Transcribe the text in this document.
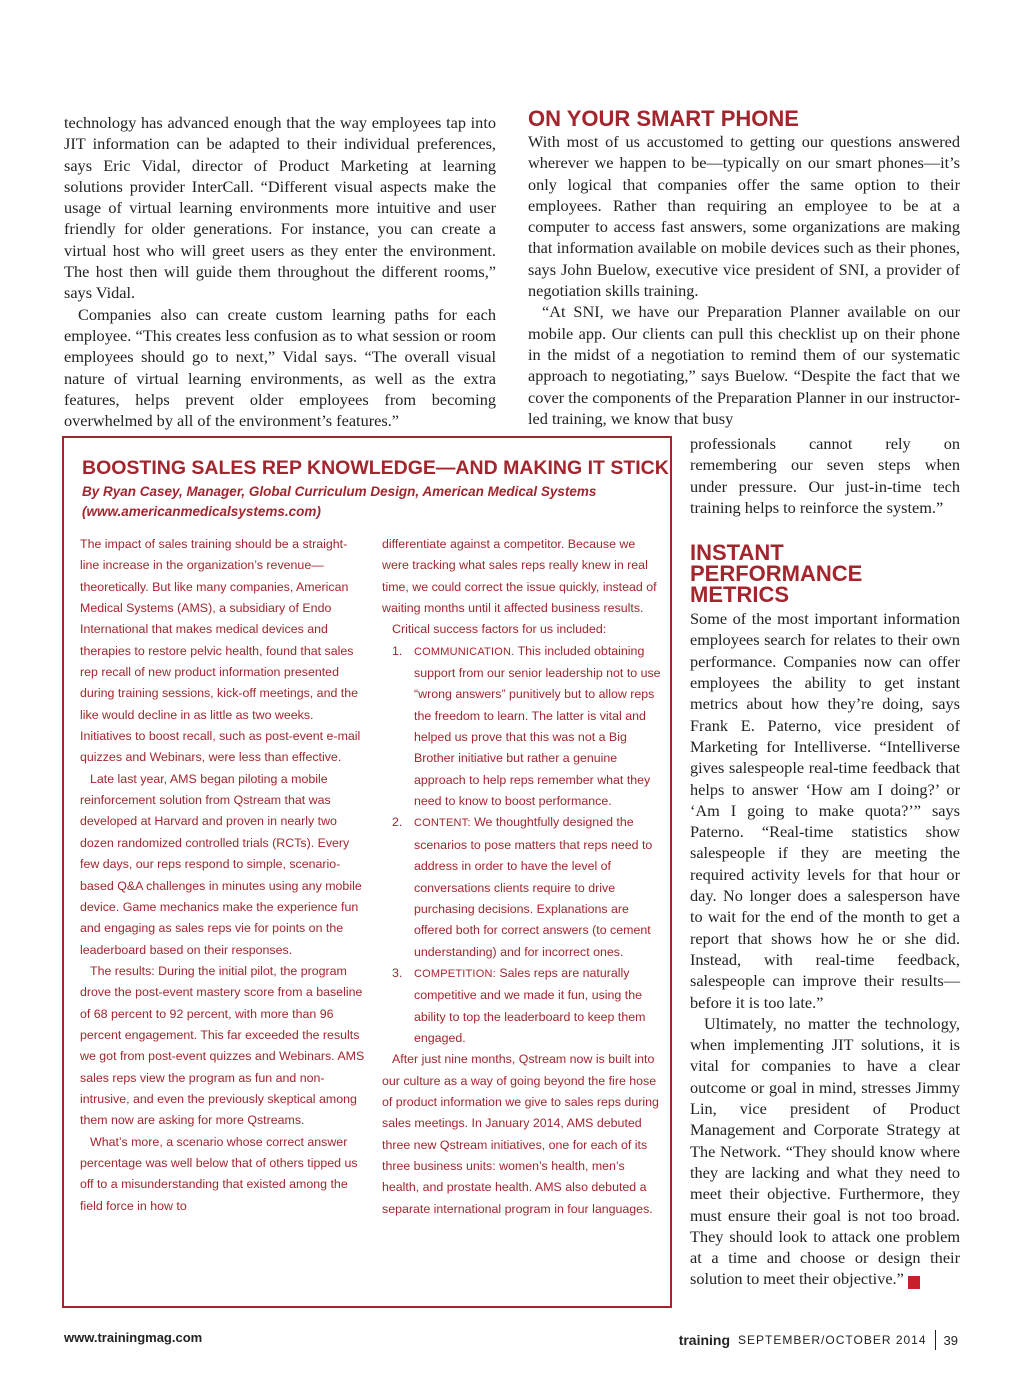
technology has advanced enough that the way employees tap into JIT information can be adapted to their individual preferences, says Eric Vidal, director of Product Marketing at learning solutions provider InterCall. “Different visual aspects make the usage of virtual learning environments more intuitive and user friendly for older generations. For instance, you can create a virtual host who will greet users as they enter the environment. The host then will guide them throughout the different rooms,” says Vidal.

Companies also can create custom learning paths for each employee. “This creates less confusion as to what session or room employees should go to next,” Vidal says. “The overall visual nature of virtual learning environments, as well as the extra features, helps prevent older employees from becoming overwhelmed by all of the environment’s features.”

ON YOUR SMART PHONE

With most of us accustomed to getting our questions answered wherever we happen to be—typically on our smart phones—it’s only logical that companies offer the same option to their employees. Rather than requiring an employee to be at a computer to access fast answers, some organizations are making that information available on mobile devices such as their phones, says John Buelow, executive vice president of SNI, a provider of negotiation skills training.

“At SNI, we have our Preparation Planner available on our mobile app. Our clients can pull this checklist up on their phone in the midst of a negotiation to remind them of our systematic approach to negotiating,” says Buelow. “Despite the fact that we cover the components of the Preparation Planner in our instructor-led training, we know that busy

professionals cannot rely on remembering our seven steps when under pressure. Our just-in-time tech training helps to reinforce the system.”

INSTANT PERFORMANCE METRICS

Some of the most important information employees search for relates to their own performance. Companies now can offer employees the ability to get instant metrics about how they’re doing, says Frank E. Paterno, vice president of Marketing for Intelliverse. “Intelliverse gives salespeople real-time feedback that helps to answer ‘How am I doing?’ or ‘Am I going to make quota?’” says Paterno. “Real-time statistics show salespeople if they are meeting the required activity levels for that hour or day. No longer does a salesperson have to wait for the end of the month to get a report that shows how he or she did. Instead, with real-time feedback, salespeople can improve their results—before it is too late.”

Ultimately, no matter the technology, when implementing JIT solutions, it is vital for companies to have a clear outcome or goal in mind, stresses Jimmy Lin, vice president of Product Management and Corporate Strategy at The Network. “They should know where they are lacking and what they need to meet their objective. Furthermore, they must ensure their goal is not too broad. They should look to attack one problem at a time and choose or design their solution to meet their objective.” t

BOOSTING SALES REP KNOWLEDGE—AND MAKING IT STICK
By Ryan Casey, Manager, Global Curriculum Design, American Medical Systems (www.americanmedicalsystems.com)

The impact of sales training should be a straight-line increase in the organization’s revenue—theoretically. But like many companies, American Medical Systems (AMS), a subsidiary of Endo International that makes medical devices and therapies to restore pelvic health, found that sales rep recall of new product information presented during training sessions, kick-off meetings, and the like would decline in as little as two weeks. Initiatives to boost recall, such as post-event e-mail quizzes and Webinars, were less than effective.

Late last year, AMS began piloting a mobile reinforcement solution from Qstream that was developed at Harvard and proven in nearly two dozen randomized controlled trials (RCTs). Every few days, our reps respond to simple, scenario-based Q&A challenges in minutes using any mobile device. Game mechanics make the experience fun and engaging as sales reps vie for points on the leaderboard based on their responses.

The results: During the initial pilot, the program drove the post-event mastery score from a baseline of 68 percent to 92 percent, with more than 96 percent engagement. This far exceeded the results we got from post-event quizzes and Webinars. AMS sales reps view the program as fun and non-intrusive, and even the previously skeptical among them now are asking for more Qstreams.

What’s more, a scenario whose correct answer percentage was well below that of others tipped us off to a misunderstanding that existed among the field force in how to

differentiate against a competitor. Because we were tracking what sales reps really knew in real time, we could correct the issue quickly, instead of waiting months until it affected business results.

Critical success factors for us included:

1.	COMMUNICATION. This included obtaining support from our senior leadership not to use “wrong answers” punitively but to allow reps the freedom to learn. The latter is vital and helped us prove that this was not a Big Brother initiative but rather a genuine approach to help reps remember what they need to know to boost performance.
2.	CONTENT: We thoughtfully designed the scenarios to pose matters that reps need to address in order to have the level of conversations clients require to drive purchasing decisions. Explanations are offered both for correct answers (to cement understanding) and for incorrect ones.
3.	COMPETITION: Sales reps are naturally competitive and we made it fun, using the ability to top the leaderboard to keep them engaged.

After just nine months, Qstream now is built into our culture as a way of going beyond the fire hose of product information we give to sales reps during sales meetings. In January 2014, AMS debuted three new Qstream initiatives, one for each of its three business units: women’s health, men’s health, and prostate health. AMS also debuted a separate international program in four languages.

www.trainingmag.com	training SEPTEMBER/OCTOBER 2014 39
